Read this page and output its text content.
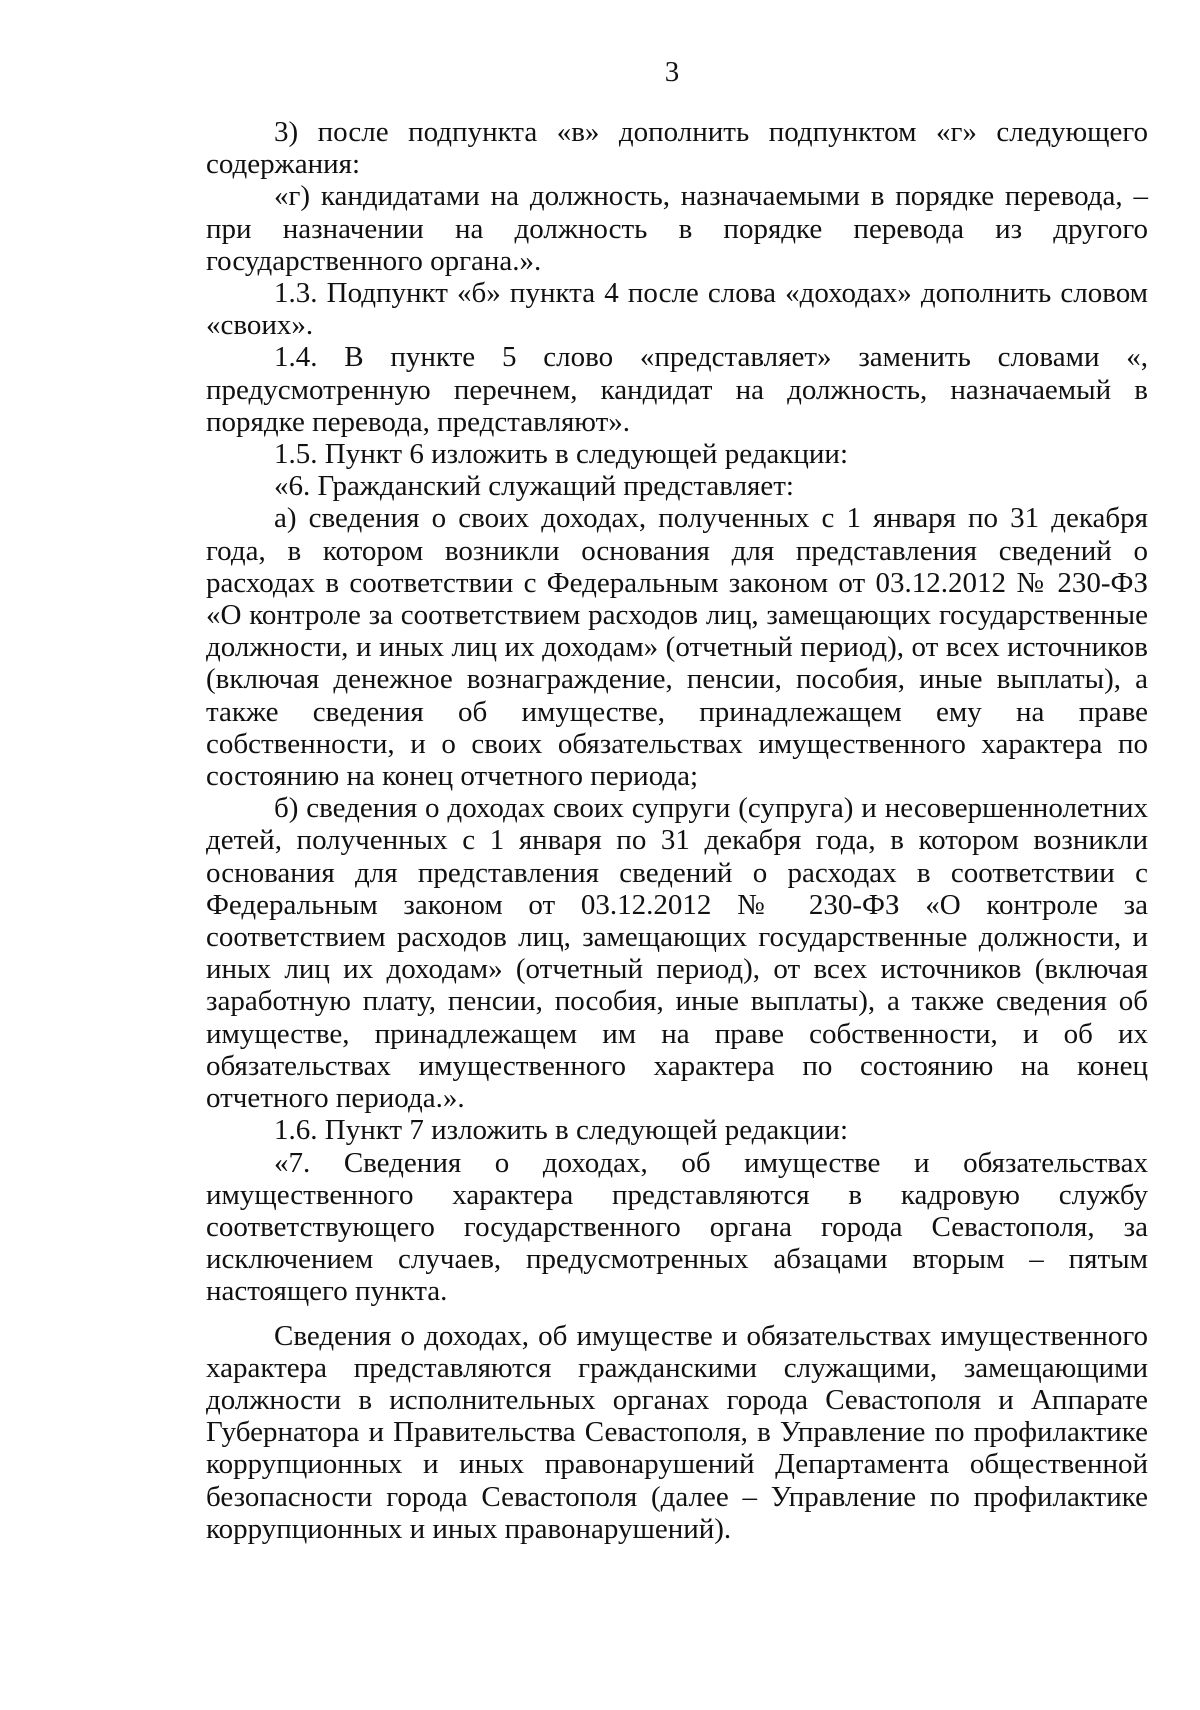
3

3) после подпункта «в» дополнить подпунктом «г» следующего содержания:

«г) кандидатами на должность, назначаемыми в порядке перевода, – при назначении на должность в порядке перевода из другого государственного органа.».

1.3. Подпункт «б» пункта 4 после слова «доходах» дополнить словом «своих».

1.4. В пункте 5 слово «представляет» заменить словами «, предусмотренную перечнем, кандидат на должность, назначаемый в порядке перевода, представляют».

1.5. Пункт 6 изложить в следующей редакции:

«6. Гражданский служащий представляет:

а) сведения о своих доходах, полученных с 1 января по 31 декабря года, в котором возникли основания для представления сведений о расходах в соответствии с Федеральным законом от 03.12.2012 № 230-ФЗ «О контроле за соответствием расходов лиц, замещающих государственные должности, и иных лиц их доходам» (отчетный период), от всех источников (включая денежное вознаграждение, пенсии, пособия, иные выплаты), а также сведения об имуществе, принадлежащем ему на праве собственности, и о своих обязательствах имущественного характера по состоянию на конец отчетного периода;

б) сведения о доходах своих супруги (супруга) и несовершеннолетних детей, полученных с 1 января по 31 декабря года, в котором возникли основания для представления сведений о расходах в соответствии с Федеральным законом от 03.12.2012 № 230-ФЗ «О контроле за соответствием расходов лиц, замещающих государственные должности, и иных лиц их доходам» (отчетный период), от всех источников (включая заработную плату, пенсии, пособия, иные выплаты), а также сведения об имуществе, принадлежащем им на праве собственности, и об их обязательствах имущественного характера по состоянию на конец отчетного периода.».

1.6. Пункт 7 изложить в следующей редакции:

«7. Сведения о доходах, об имуществе и обязательствах имущественного характера представляются в кадровую службу соответствующего государственного органа города Севастополя, за исключением случаев, предусмотренных абзацами вторым – пятым настоящего пункта.

Сведения о доходах, об имуществе и обязательствах имущественного характера представляются гражданскими служащими, замещающими должности в исполнительных органах города Севастополя и Аппарате Губернатора и Правительства Севастополя, в Управление по профилактике коррупционных и иных правонарушений Департамента общественной безопасности города Севастополя (далее – Управление по профилактике коррупционных и иных правонарушений).
